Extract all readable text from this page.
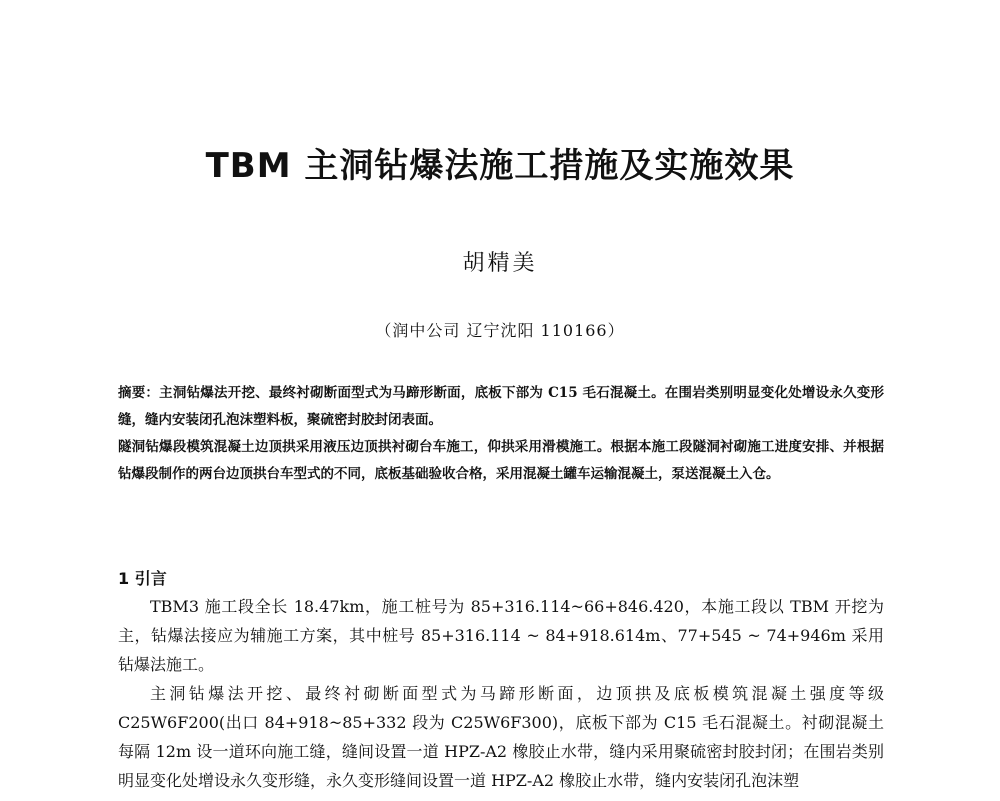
TBM 主洞钻爆法施工措施及实施效果
胡精美
（润中公司 辽宁沈阳 110166）

摘要：主洞钻爆法开挖、最终衬砌断面型式为马蹄形断面，底板下部为 C15 毛石混凝土。在围岩类别明显变化处增设永久变形缝，缝内安装闭孔泡沫塑料板，聚硫密封胶封闭表面。

隧洞钻爆段模筑混凝土边顶拱采用液压边顶拱衬砌台车施工，仰拱采用滑模施工。根据本施工段隧洞衬砌施工进度安排、并根据钻爆段制作的两台边顶拱台车型式的不同，底板基础验收合格，采用混凝土罐车运输混凝土，泵送混凝土入仓。

1 引言

TBM3 施工段全长 18.47km，施工桩号为 85+316.114~66+846.420，本施工段以 TBM 开挖为主，钻爆法接应为辅施工方案，其中桩号 85+316.114 ~ 84+918.614m、77+545 ~ 74+946m 采用钻爆法施工。

主洞钻爆法开挖、最终衬砌断面型式为马蹄形断面，边顶拱及底板模筑混凝土强度等级 C25W6F200(出口 84+918~85+332 段为 C25W6F300)，底板下部为 C15 毛石混凝土。衬砌混凝土每隔 12m 设一道环向施工缝，缝间设置一道 HPZ-A2 橡胶止水带，缝内采用聚硫密封胶封闭；在围岩类别明显变化处增设永久变形缝，永久变形缝间设置一道 HPZ-A2 橡胶止水带，缝内安装闭孔泡沫塑
